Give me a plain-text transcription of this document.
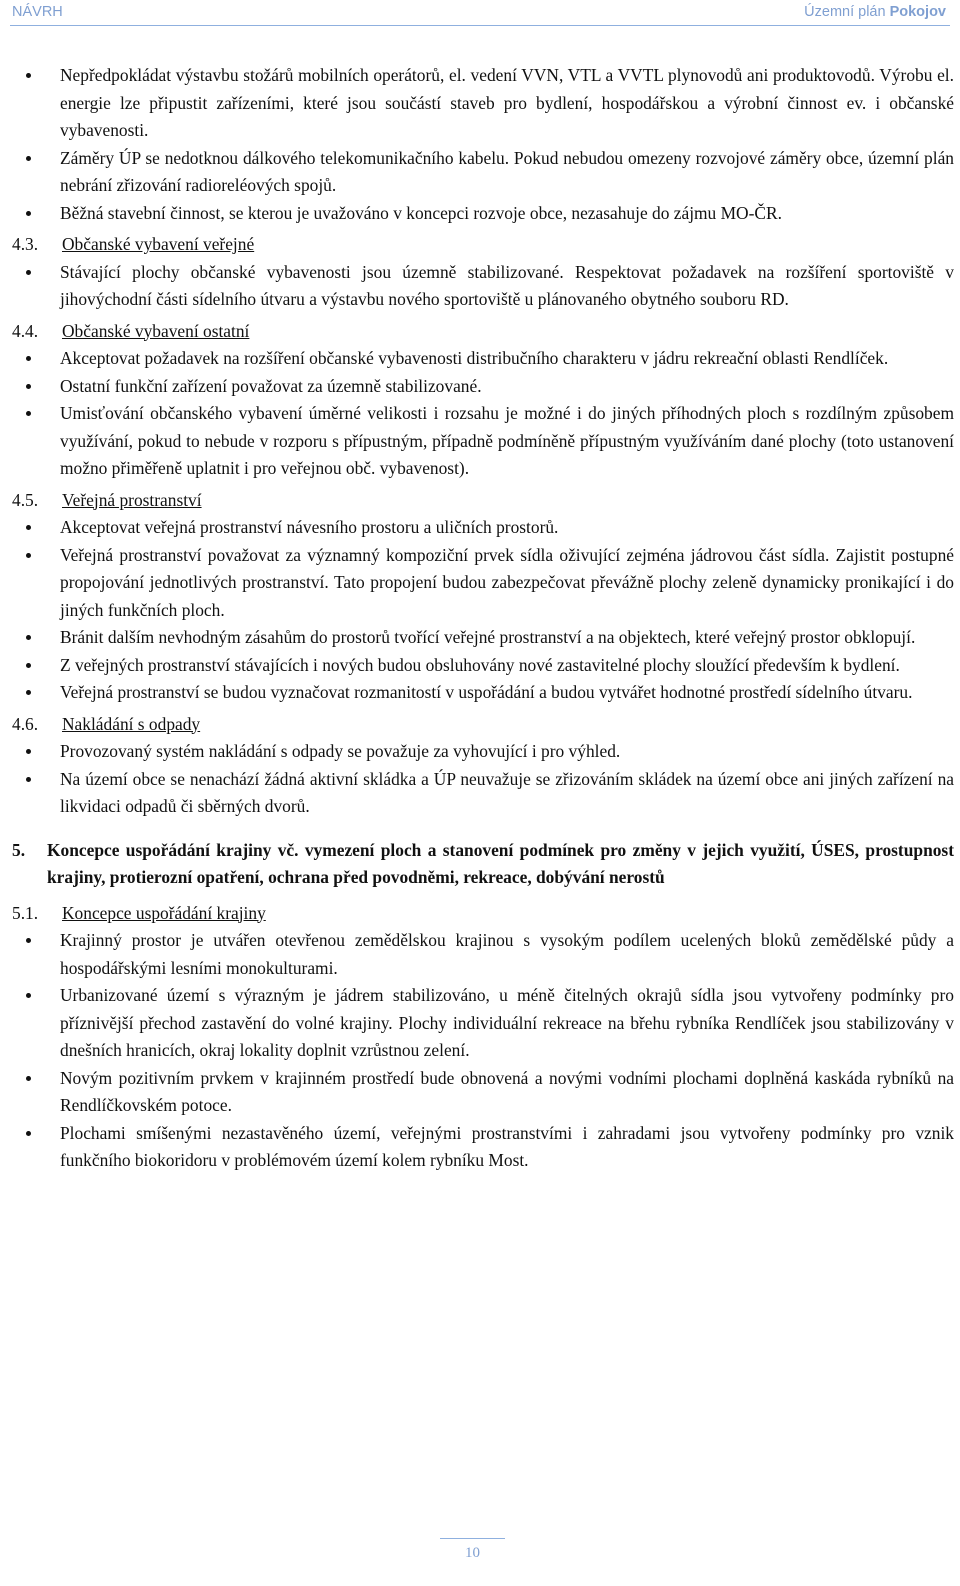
NÁVRH	Územní plán Pokojov
Nepředpokládat výstavbu stožárů mobilních operátorů, el. vedení VVN, VTL a VVTL plynovodů ani produktovodů. Výrobu el. energie lze připustit zařízeními, které jsou součástí staveb pro bydlení, hospodářskou a výrobní činnost ev. i občanské vybavenosti.
Záměry ÚP se nedotknou dálkového telekomunikačního kabelu. Pokud nebudou omezeny rozvojové záměry obce, územní plán nebrání zřizování radioreléových spojů.
Běžná stavební činnost, se kterou je uvažováno v koncepci rozvoje obce, nezasahuje do zájmu MO-ČR.
4.3. Občanské vybavení veřejné
Stávající plochy občanské vybavenosti jsou územně stabilizované. Respektovat požadavek na rozšíření sportoviště v jihovýchodní části sídelního útvaru a výstavbu nového sportoviště u plánovaného obytného souboru RD.
4.4. Občanské vybavení ostatní
Akceptovat požadavek na rozšíření občanské vybavenosti distribučního charakteru v jádru rekreační oblasti Rendlíček.
Ostatní funkční zařízení považovat za územně stabilizované.
Umisťování občanského vybavení úměrné velikosti i rozsahu je možné i do jiných příhodných ploch s rozdílným způsobem využívání, pokud to nebude v rozporu s přípustným, případně podmíněně přípustným využíváním dané plochy (toto ustanovení možno přiměřeně uplatnit i pro veřejnou obč. vybavenost).
4.5. Veřejná prostranství
Akceptovat veřejná prostranství návesního prostoru a uličních prostorů.
Veřejná prostranství považovat za významný kompoziční prvek sídla oživující zejména jádrovou část sídla. Zajistit postupné propojování jednotlivých prostranství. Tato propojení budou zabezpečovat převážně plochy zeleně dynamicky pronikající i do jiných funkčních ploch.
Bránit dalším nevhodným zásahům do prostorů tvořící veřejné prostranství a na objektech, které veřejný prostor obklopují.
Z veřejných prostranství stávajících i nových budou obsluhovány nové zastavitelné plochy sloužící především k bydlení.
Veřejná prostranství se budou vyznačovat rozmanitostí v uspořádání a budou vytvářet hodnotné prostředí sídelního útvaru.
4.6. Nakládání s odpady
Provozovaný systém nakládání s odpady se považuje za vyhovující i pro výhled.
Na území obce se nenachází žádná aktivní skládka a ÚP neuvažuje se zřizováním skládek na území obce ani jiných zařízení na likvidaci odpadů či sběrných dvorů.
5. Koncepce uspořádání krajiny vč. vymezení ploch a stanovení podmínek pro změny v jejich využití, ÚSES, prostupnost krajiny, protierozní opatření, ochrana před povodněmi, rekreace, dobývání nerostů
5.1. Koncepce uspořádání krajiny
Krajinný prostor je utvářen otevřenou zemědělskou krajinou s vysokým podílem ucelených bloků zemědělské půdy a hospodářskými lesními monokulturami.
Urbanizované území s výrazným je jádrem stabilizováno, u méně čitelných okrajů sídla jsou vytvořeny podmínky pro příznivější přechod zastavění do volné krajiny. Plochy individuální rekreace na břehu rybníka Rendlíček jsou stabilizovány v dnešních hranicích, okraj lokality doplnit vzrůstnou zelení.
Novým pozitivním prvkem v krajinném prostředí bude obnovená a novými vodními plochami doplněná kaskáda rybníků na Rendlíčkovském potoce.
Plochami smíšenými nezastavěného území, veřejnými prostranstvími i zahradami jsou vytvořeny podmínky pro vznik funkčního biokoridoru v problémovém území kolem rybníku Most.
10
